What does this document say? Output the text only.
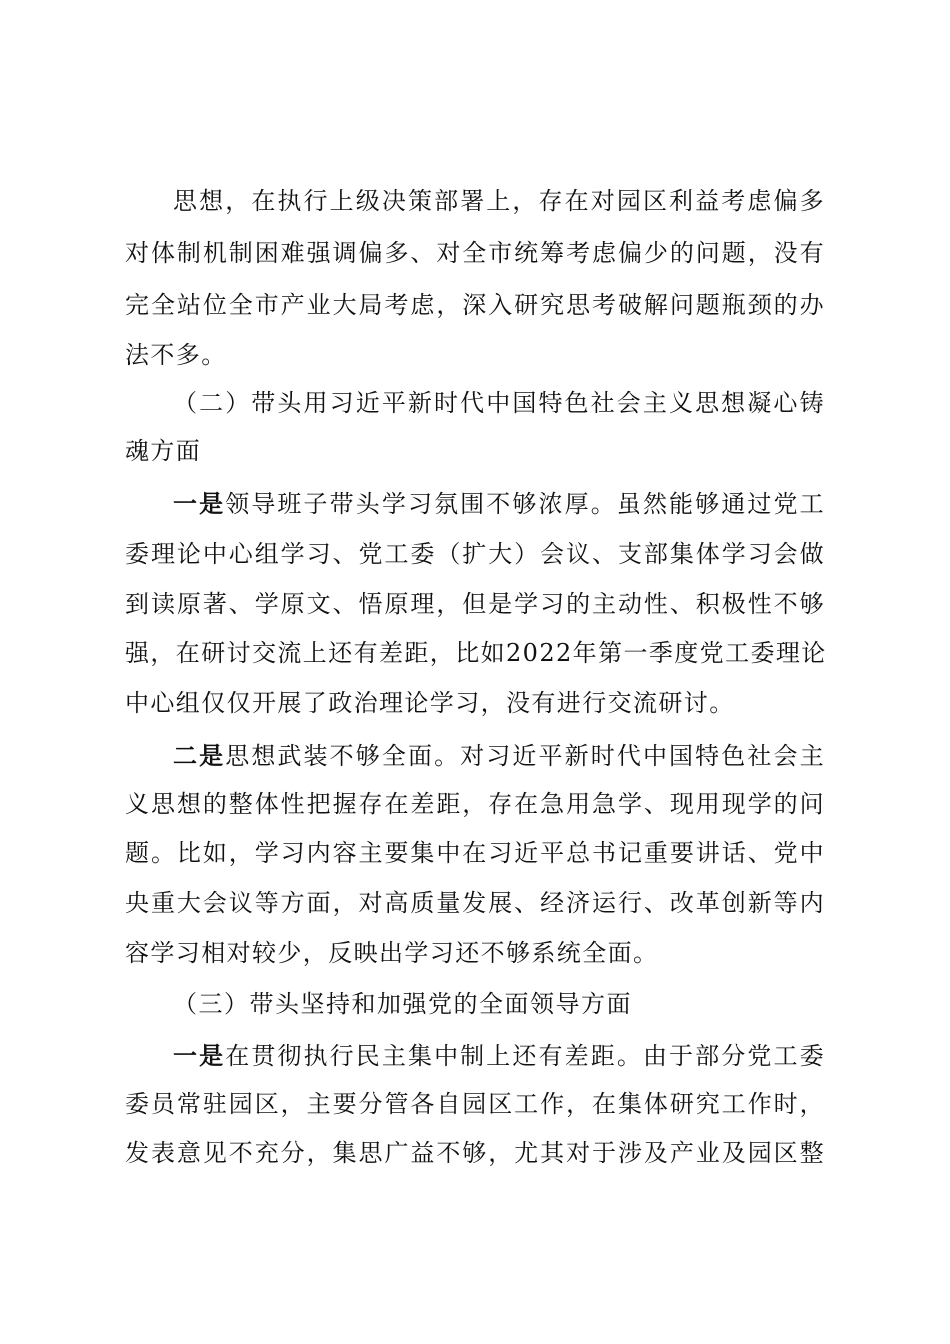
思想，在执行上级决策部署上，存在对园区利益考虑偏多
对体制机制困难强调偏多、对全市统筹考虑偏少的问题，没有
完全站位全市产业大局考虑，深入研究思考破解问题瓶颈的办
法不多。
（二）带头用习近平新时代中国特色社会主义思想凝心铸
魂方面
一是领导班子带头学习氛围不够浓厚。虽然能够通过党工
委理论中心组学习、党工委（扩大）会议、支部集体学习会做
到读原著、学原文、悟原理，但是学习的主动性、积极性不够
强，在研讨交流上还有差距，比如2022年第一季度党工委理论
中心组仅仅开展了政治理论学习，没有进行交流研讨。
二是思想武装不够全面。对习近平新时代中国特色社会主
义思想的整体性把握存在差距，存在急用急学、现用现学的问
题。比如，学习内容主要集中在习近平总书记重要讲话、党中
央重大会议等方面，对高质量发展、经济运行、改革创新等内
容学习相对较少，反映出学习还不够系统全面。
（三）带头坚持和加强党的全面领导方面
一是在贯彻执行民主集中制上还有差距。由于部分党工委
委员常驻园区，主要分管各自园区工作，在集体研究工作时，
发表意见不充分，集思广益不够，尤其对于涉及产业及园区整
